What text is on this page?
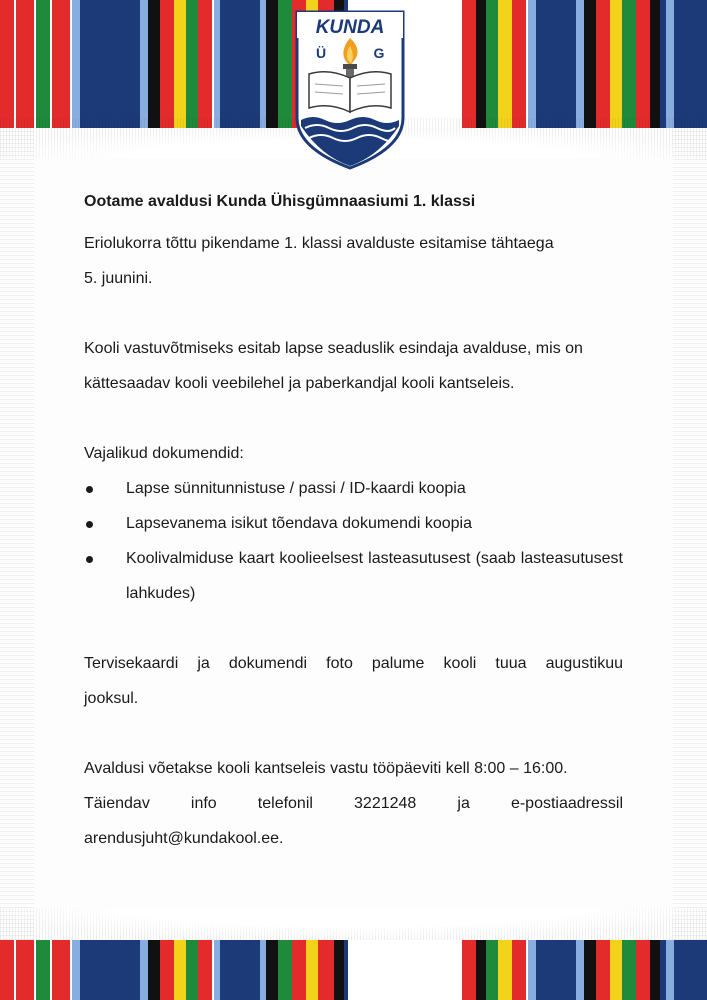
KUNDA
Ü	G

Ootame avaldusi Kunda Ühisgümnaasiumi 1. klassi

Eriolukorra tõttu pikendame 1. klassi avalduste esitamise tähtaega
5. juunini.

Kooli vastuvõtmiseks esitab lapse seaduslik esindaja avalduse, mis on
kättesaadav kooli veebilehel ja paberkandjal kooli kantseleis.

Vajalikud dokumendid:

Lapse sünnitunnistuse / passi / ID-kaardi koopia
Lapsevanema isikut tõendava dokumendi koopia
Koolivalmiduse kaart koolieelsest lasteasutusest (saab lasteasutusest lahkudes)

Tervisekaardi ja dokumendi foto palume kooli tuua augustikuu
jooksul.

Avaldusi võetakse kooli kantseleis vastu tööpäeviti kell 8:00 – 16:00.
Täiendav info telefonil 3221248 ja e-postiaadressil
arendusjuht@kundakool.ee.
